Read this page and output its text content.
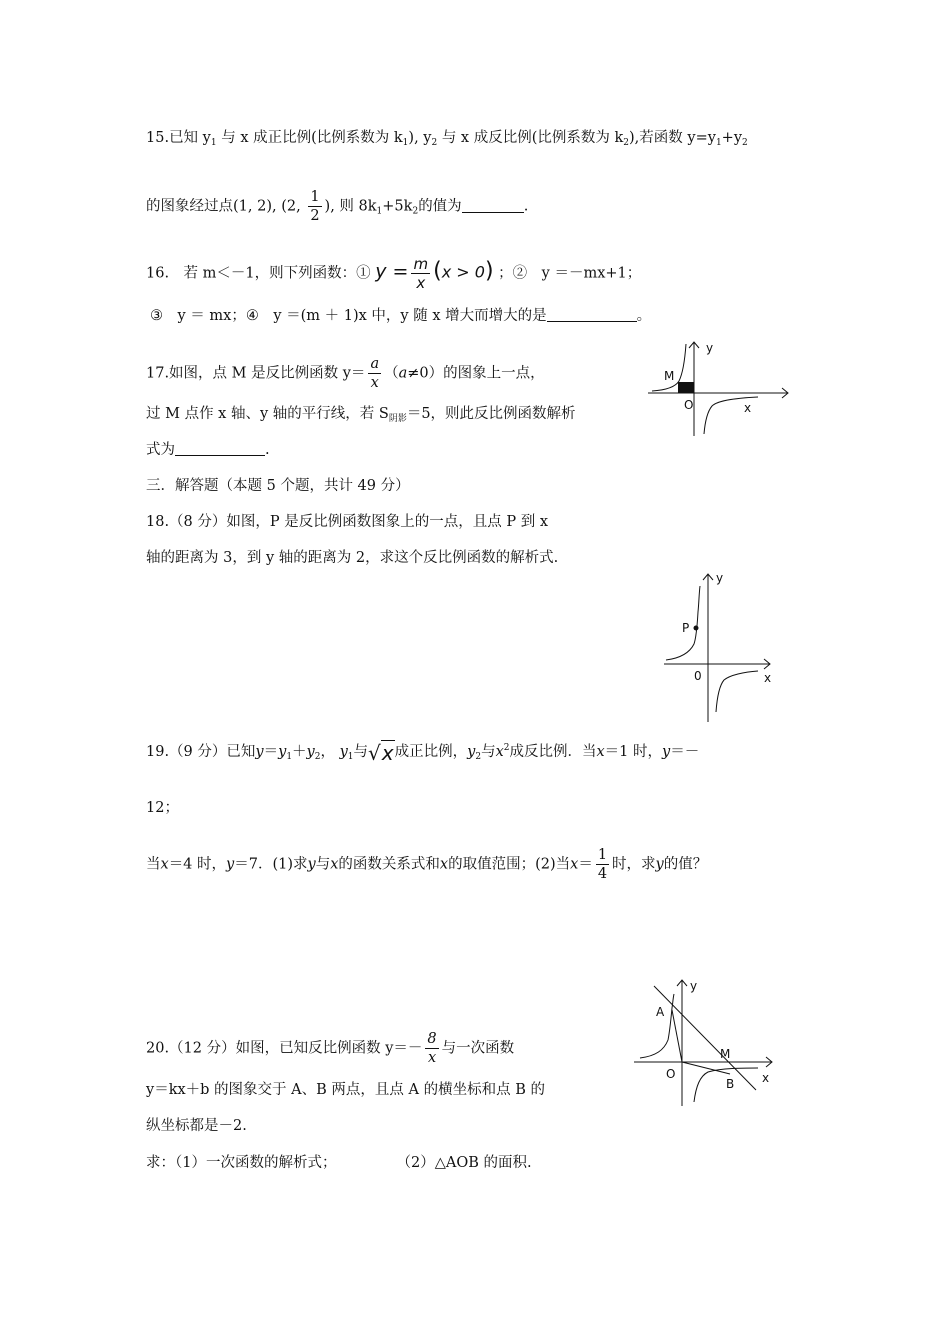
15.已知 $y_1$ 与 x 成正比例(比例系数为 $k_1$), $y_2$ 与 x 成反比例(比例系数为 $k_2$),若函数 $y=y_1+y_2$
的图象经过点(1, 2), (2, $\frac{1}{2}$ ), 则 $8k_1+5k_2$的值为	.
16.　若 m＜－1，则下列函数：① $y = \frac{m}{x} (x > 0)$ ；②　y ＝－mx+1；
③　y ＝ mx；④　y ＝(m ＋ 1)x 中，y 随 x 增大而增大的是	。
17.如图，点 M 是反比例函数 $y= \frac{a}{x} (a\ne 0)$的图象上一点，
过 M 点作 x 轴、y 轴的平行线，若 $S_{阴影}=5$，则此反比例函数解析
式为	.
y
x
O
M
三．解答题（本题 5 个题，共计 49 分）
18.（8 分）如图，P 是反比例函数图象上的一点，且点 P 到 x
轴的距离为 3，到 y 轴的距离为 2，求这个反比例函数的解析式.
y
x
0
P
19.（9 分）已知$y=y_1+y_2$， $y_1$与√x成正比例，$y_2$与$x^2$成反比例．当x＝1 时，y＝－
12；
当x＝4 时，y＝7．(1)求y与x的函数关系式和x的取值范围；(2)当$x= \frac{1}{4}$ 时，求y的值？
20.（12 分）如图，已知反比例函数 $y=- \frac{8}{x}$ 与一次函数
y＝kx＋b 的图象交于 A、B 两点，且点 A 的横坐标和点 B 的
纵坐标都是－2.
求：（1）一次函数的解析式；	（2）△AOB 的面积.
y
x
O
A
B
M
